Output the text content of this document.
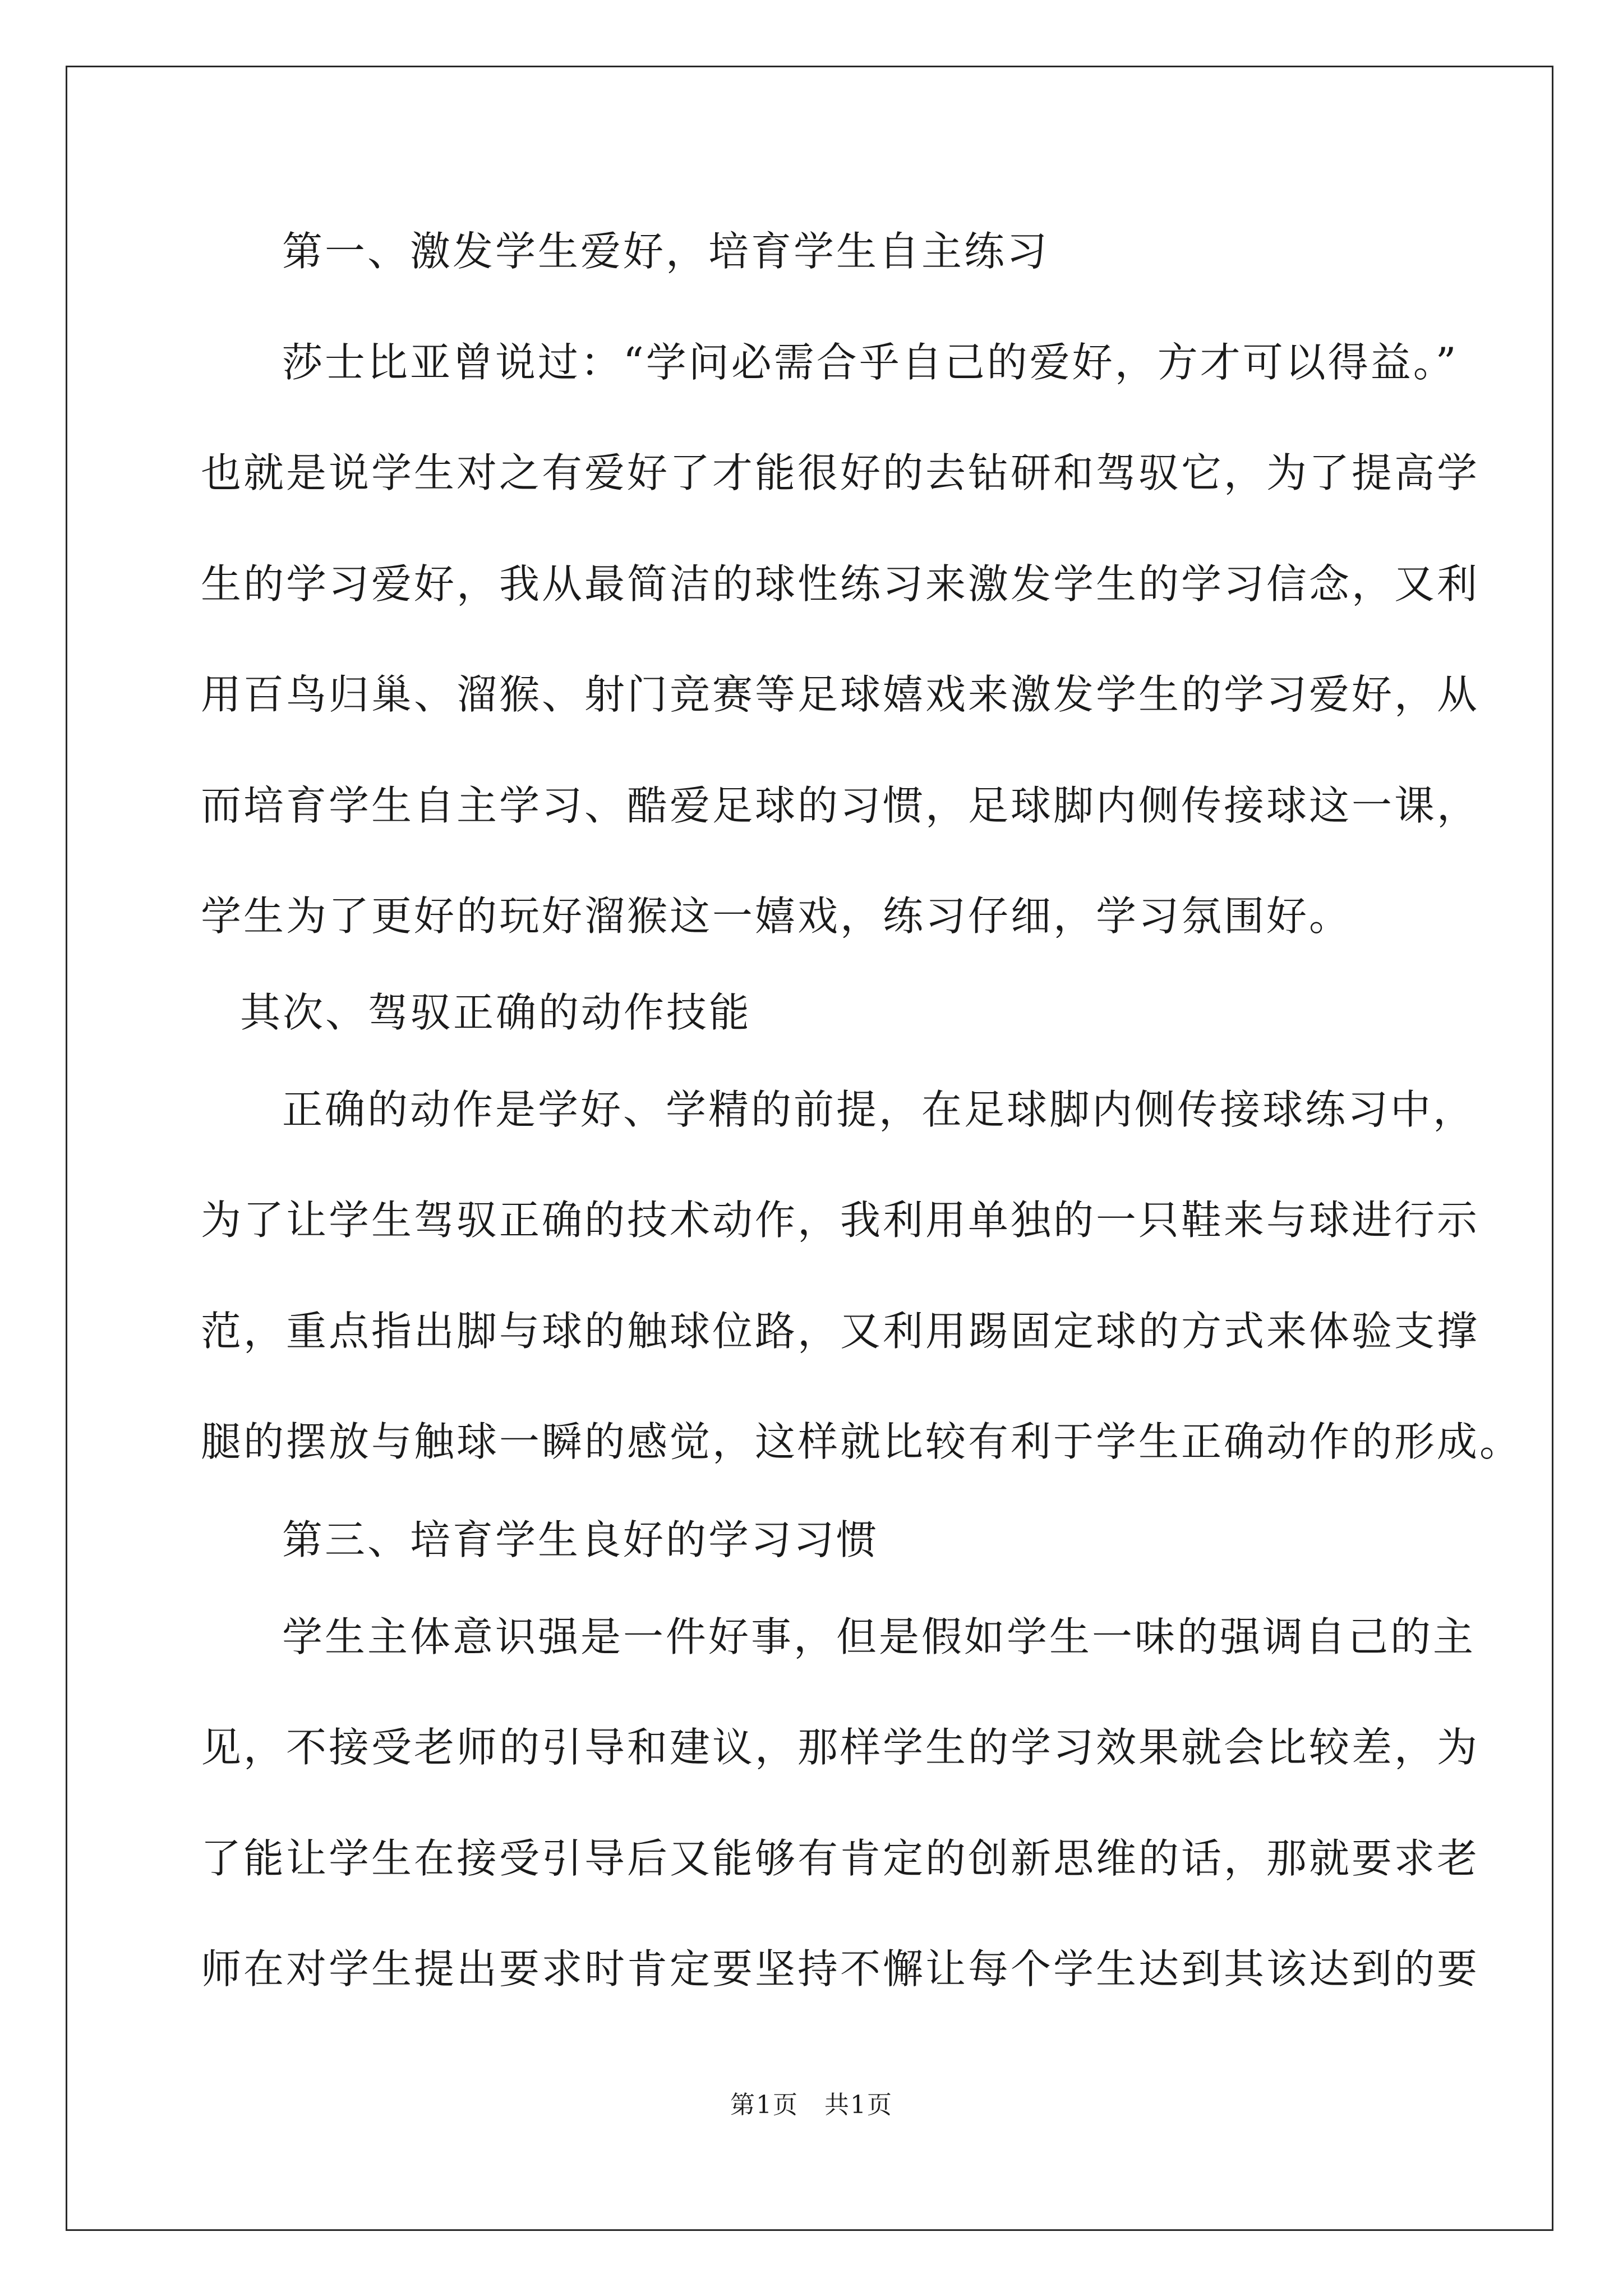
第一、激发学生爱好，培育学生自主练习
莎士比亚曾说过：“学问必需合乎自己的爱好，方才可以得益。”
也就是说学生对之有爱好了才能很好的去钻研和驾驭它，为了提高学
生的学习爱好，我从最简洁的球性练习来激发学生的学习信念，又利
用百鸟归巢、溜猴、射门竞赛等足球嬉戏来激发学生的学习爱好，从
而培育学生自主学习、酷爱足球的习惯，足球脚内侧传接球这一课，
学生为了更好的玩好溜猴这一嬉戏，练习仔细，学习氛围好。
其次、驾驭正确的动作技能
正确的动作是学好、学精的前提，在足球脚内侧传接球练习中，
为了让学生驾驭正确的技术动作，我利用单独的一只鞋来与球进行示
范，重点指出脚与球的触球位路，又利用踢固定球的方式来体验支撑
腿的摆放与触球一瞬的感觉，这样就比较有利于学生正确动作的形成。
第三、培育学生良好的学习习惯
学生主体意识强是一件好事，但是假如学生一味的强调自己的主
见，不接受老师的引导和建议，那样学生的学习效果就会比较差，为
了能让学生在接受引导后又能够有肯定的创新思维的话，那就要求老
师在对学生提出要求时肯定要坚持不懈让每个学生达到其该达到的要
第1页　共1页
